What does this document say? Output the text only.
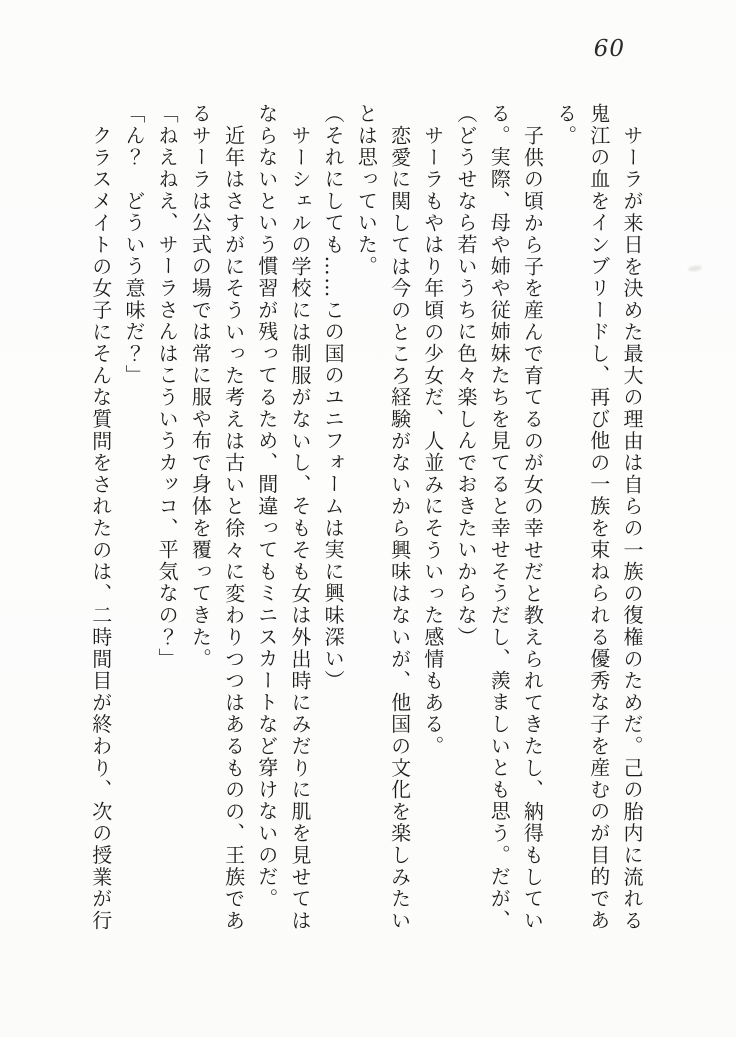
60

サーラが来日を決めた最大の理由は自らの一族の復権のためだ。己の胎内に流れる鬼江の血をインブリードし、再び他の一族を束ねられる優秀な子を産むのが目的である。

子供の頃から子を産んで育てるのが女の幸せだと教えられてきたし、納得もしている。実際、母や姉や従姉妹たちを見てると幸せそうだし、羨ましいとも思う。だが、

（どうせなら若いうちに色々楽しんでおきたいからな）

サーラもやはり年頃の少女だ、人並みにそういった感情もある。

恋愛に関しては今のところ経験がないから興味はないが、他国の文化を楽しみたいとは思っていた。

（それにしても……この国のユニフォームは実に興味深い）

サーシェルの学校には制服がないし、そもそも女は外出時にみだりに肌を見せてはならないという慣習が残ってるため、間違ってもミニスカートなど穿けないのだ。

近年はさすがにそういった考えは古いと徐々に変わりつつはあるものの、王族であるサーラは公式の場では常に服や布で身体を覆ってきた。

「ねえねえ、サーラさんはこういうカッコ、平気なの？」

「ん？　どういう意味だ？」

クラスメイトの女子にそんな質問をされたのは、二時間目が終わり、次の授業が行
